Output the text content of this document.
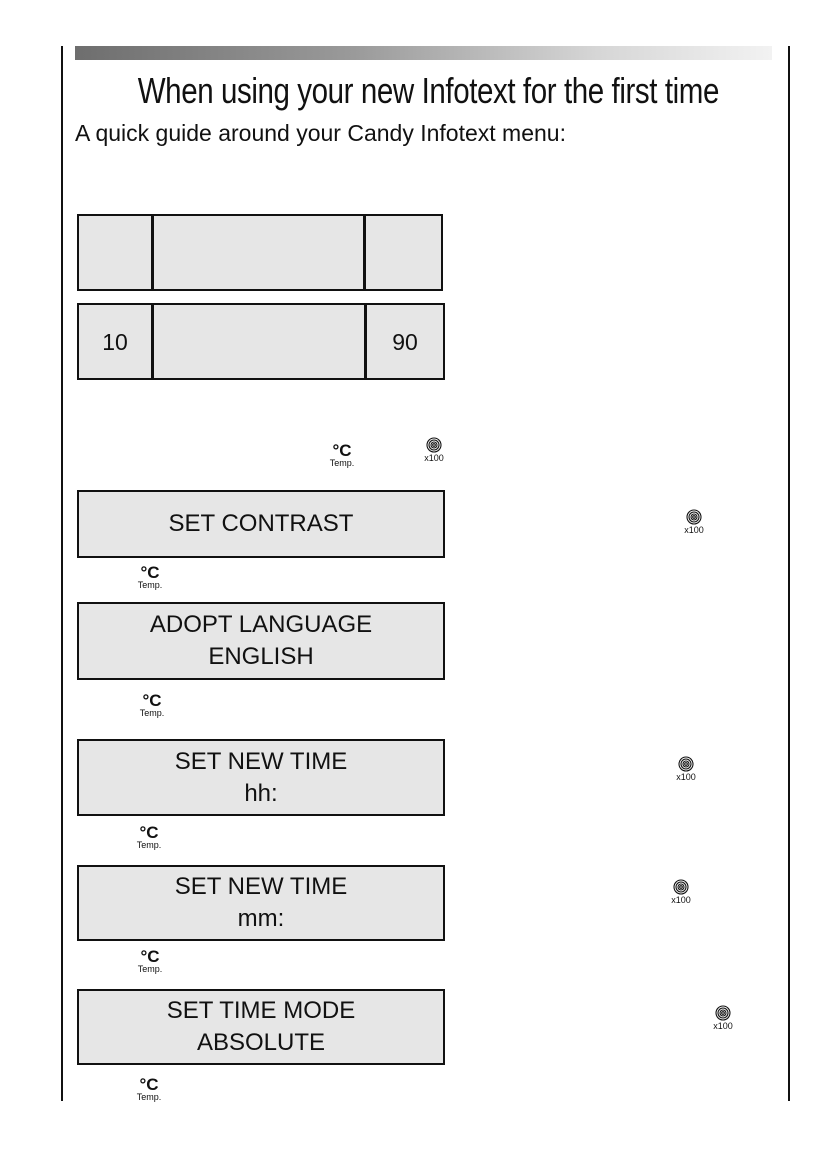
When using your new Infotext for the first time
A quick guide around your Candy Infotext menu:
10	90
°C
Temp.	x100
SET CONTRAST	x100
°C
Temp.
ADOPT LANGUAGE
ENGLISH
°C
Temp.
SET NEW TIME
hh:
x100
°C
Temp.
SET NEW TIME
mm:
x100
°C
Temp.
SET TIME MODE
ABSOLUTE
x100
°C
Temp.
